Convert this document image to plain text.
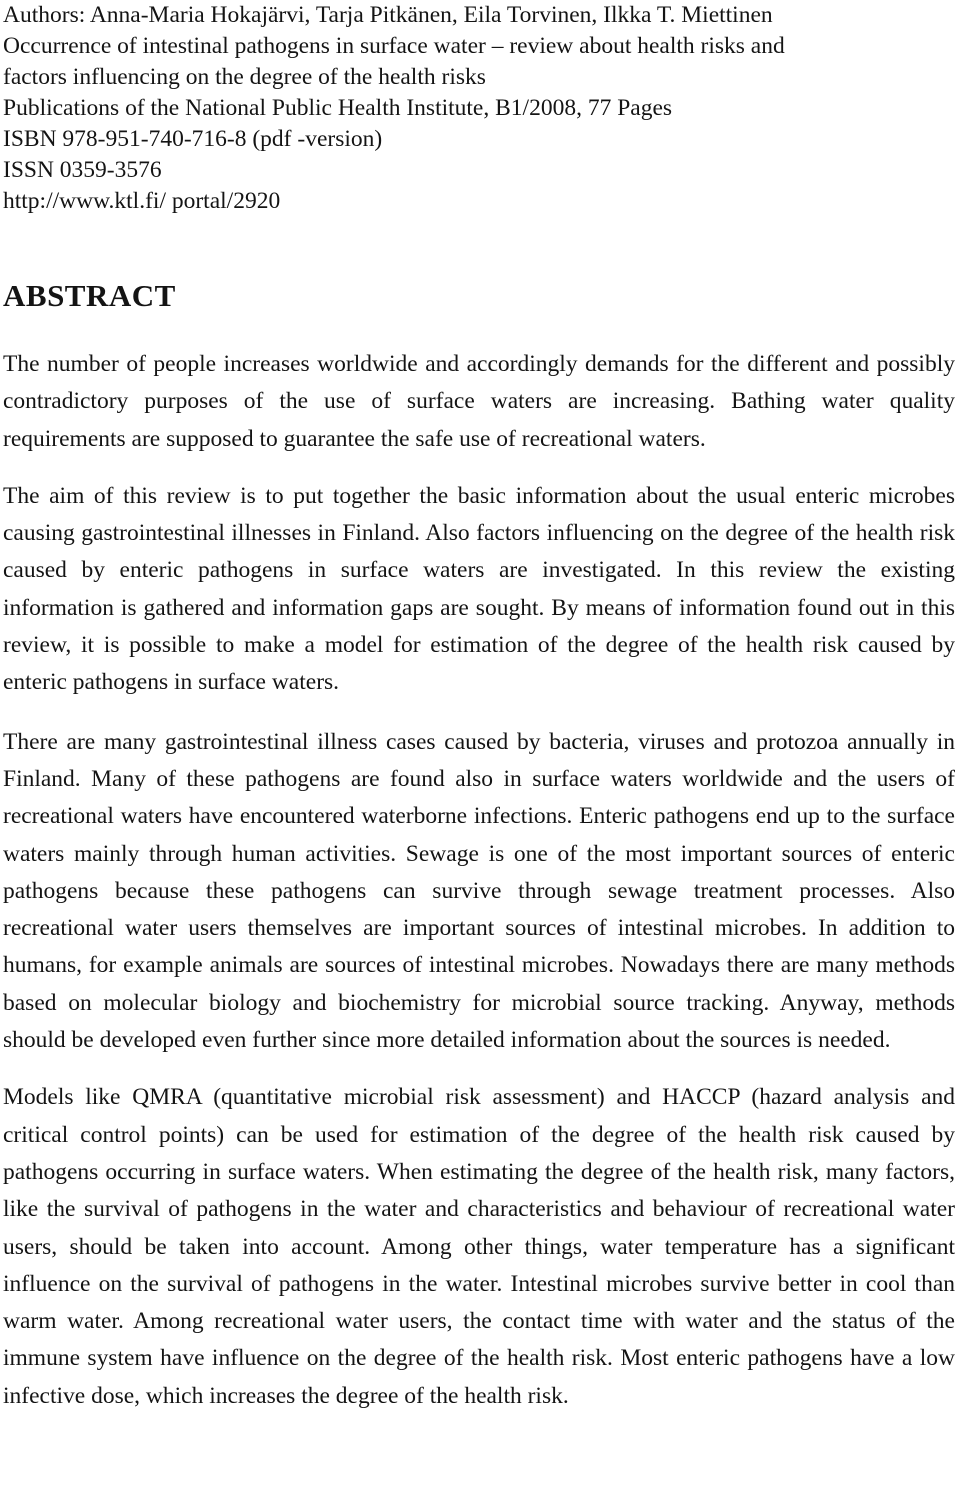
Authors: Anna-Maria Hokajärvi, Tarja Pitkänen, Eila Torvinen, Ilkka T. Miettinen
Occurrence of intestinal pathogens in surface water – review about health risks and
factors influencing on the degree of the health risks
Publications of the National Public Health Institute, B1/2008, 77 Pages
ISBN 978-951-740-716-8 (pdf -version)
ISSN 0359-3576
http://www.ktl.fi/ portal/2920
ABSTRACT

The number of people increases worldwide and accordingly demands for the different and possibly contradictory purposes of the use of surface waters are increasing. Bathing water quality requirements are supposed to guarantee the safe use of recreational waters.

The aim of this review is to put together the basic information about the usual enteric microbes causing gastrointestinal illnesses in Finland. Also factors influencing on the degree of the health risk caused by enteric pathogens in surface waters are investigated. In this review the existing information is gathered and information gaps are sought. By means of information found out in this review, it is possible to make a model for estimation of the degree of the health risk caused by enteric pathogens in surface waters.

There are many gastrointestinal illness cases caused by bacteria, viruses and protozoa annually in Finland. Many of these pathogens are found also in surface waters worldwide and the users of recreational waters have encountered waterborne infections. Enteric pathogens end up to the surface waters mainly through human activities. Sewage is one of the most important sources of enteric pathogens because these pathogens can survive through sewage treatment processes. Also recreational water users themselves are important sources of intestinal microbes. In addition to humans, for example animals are sources of intestinal microbes. Nowadays there are many methods based on molecular biology and biochemistry for microbial source tracking. Anyway, methods should be developed even further since more detailed information about the sources is needed.

Models like QMRA (quantitative microbial risk assessment) and HACCP (hazard analysis and critical control points) can be used for estimation of the degree of the health risk caused by pathogens occurring in surface waters. When estimating the degree of the health risk, many factors, like the survival of pathogens in the water and characteristics and behaviour of recreational water users, should be taken into account. Among other things, water temperature has a significant influence on the survival of pathogens in the water. Intestinal microbes survive better in cool than warm water. Among recreational water users, the contact time with water and the status of the immune system have influence on the degree of the health risk. Most enteric pathogens have a low infective dose, which increases the degree of the health risk.
